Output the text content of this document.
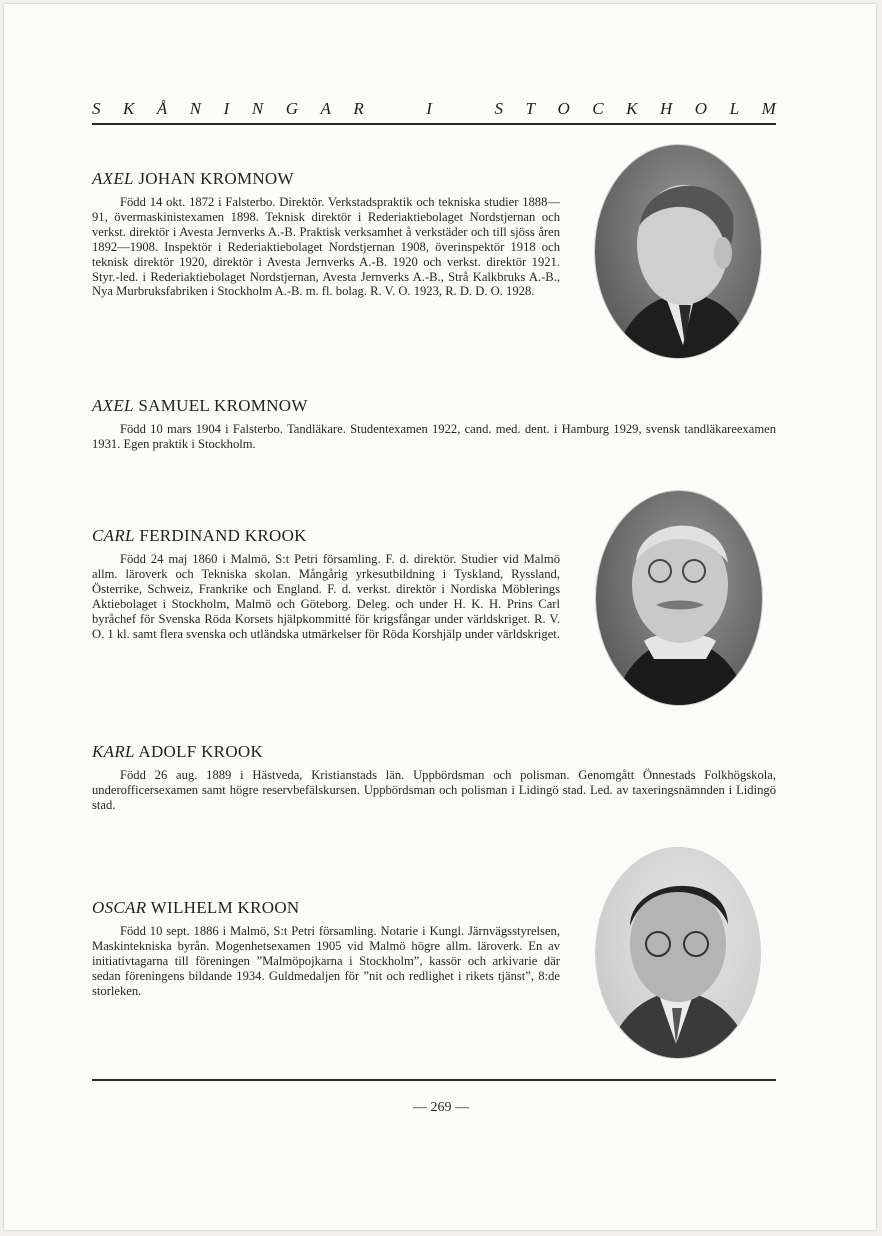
S K Å N I N G A R	I	S T O C K H O L M
AXEL JOHAN KROMNOW

Född 14 okt. 1872 i Falsterbo. Direktör. Verkstadspraktik och tekniska studier 1888—91, övermaskinistexamen 1898. Teknisk direktör i Rederiaktiebolaget Nordstjernan och verkst. direktör i Avesta Jernverks A.-B. Praktisk verksamhet å verkstäder och till sjöss åren 1892—1908. Inspektör i Rederiaktiebolaget Nordstjernan 1908, överinspektör 1918 och teknisk direktör 1920, direktör i Avesta Jernverks A.-B. 1920 och verkst. direktör 1921. Styr.-led. i Rederiaktiebolaget Nordstjernan, Avesta Jernverks A.-B., Strå Kalkbruks A.-B., Nya Murbruksfabriken i Stockholm A.-B. m. fl. bolag. R. V. O. 1923, R. D. D. O. 1928.

AXEL SAMUEL KROMNOW

Född 10 mars 1904 i Falsterbo. Tandläkare. Studentexamen 1922, cand. med. dent. i Hamburg 1929, svensk tandläkareexamen 1931. Egen praktik i Stockholm.

CARL FERDINAND KROOK

Född 24 maj 1860 i Malmö, S:t Petri församling. F. d. direktör. Studier vid Malmö allm. läroverk och Tekniska skolan. Mångårig yrkesutbildning i Tyskland, Ryssland, Österrike, Schweiz, Frankrike och England. F. d. verkst. direktör i Nordiska Möblerings Aktiebolaget i Stockholm, Malmö och Göteborg. Deleg. och under H. K. H. Prins Carl byråchef för Svenska Röda Korsets hjälpkommitté för krigsfångar under världskriget. R. V. O. 1 kl. samt flera svenska och utländska utmärkelser för Röda Korshjälp under världskriget.

KARL ADOLF KROOK

Född 26 aug. 1889 i Hästveda, Kristianstads län. Uppbördsman och polisman. Genomgått Önnestads Folkhögskola, underofficersexamen samt högre reservbefälskursen. Uppbördsman och polisman i Lidingö stad. Led. av taxeringsnämnden i Lidingö stad.

OSCAR WILHELM KROON

Född 10 sept. 1886 i Malmö, S:t Petri församling. Notarie i Kungl. Järnvägsstyrelsen, Maskintekniska byrån. Mogenhetsexamen 1905 vid Malmö högre allm. läroverk. En av initiativtagarna till föreningen ”Malmöpojkarna i Stockholm”, kassör och arkivarie där sedan föreningens bildande 1934. Guldmedaljen för ”nit och redlighet i rikets tjänst”, 8:de storleken.

— 269 —
